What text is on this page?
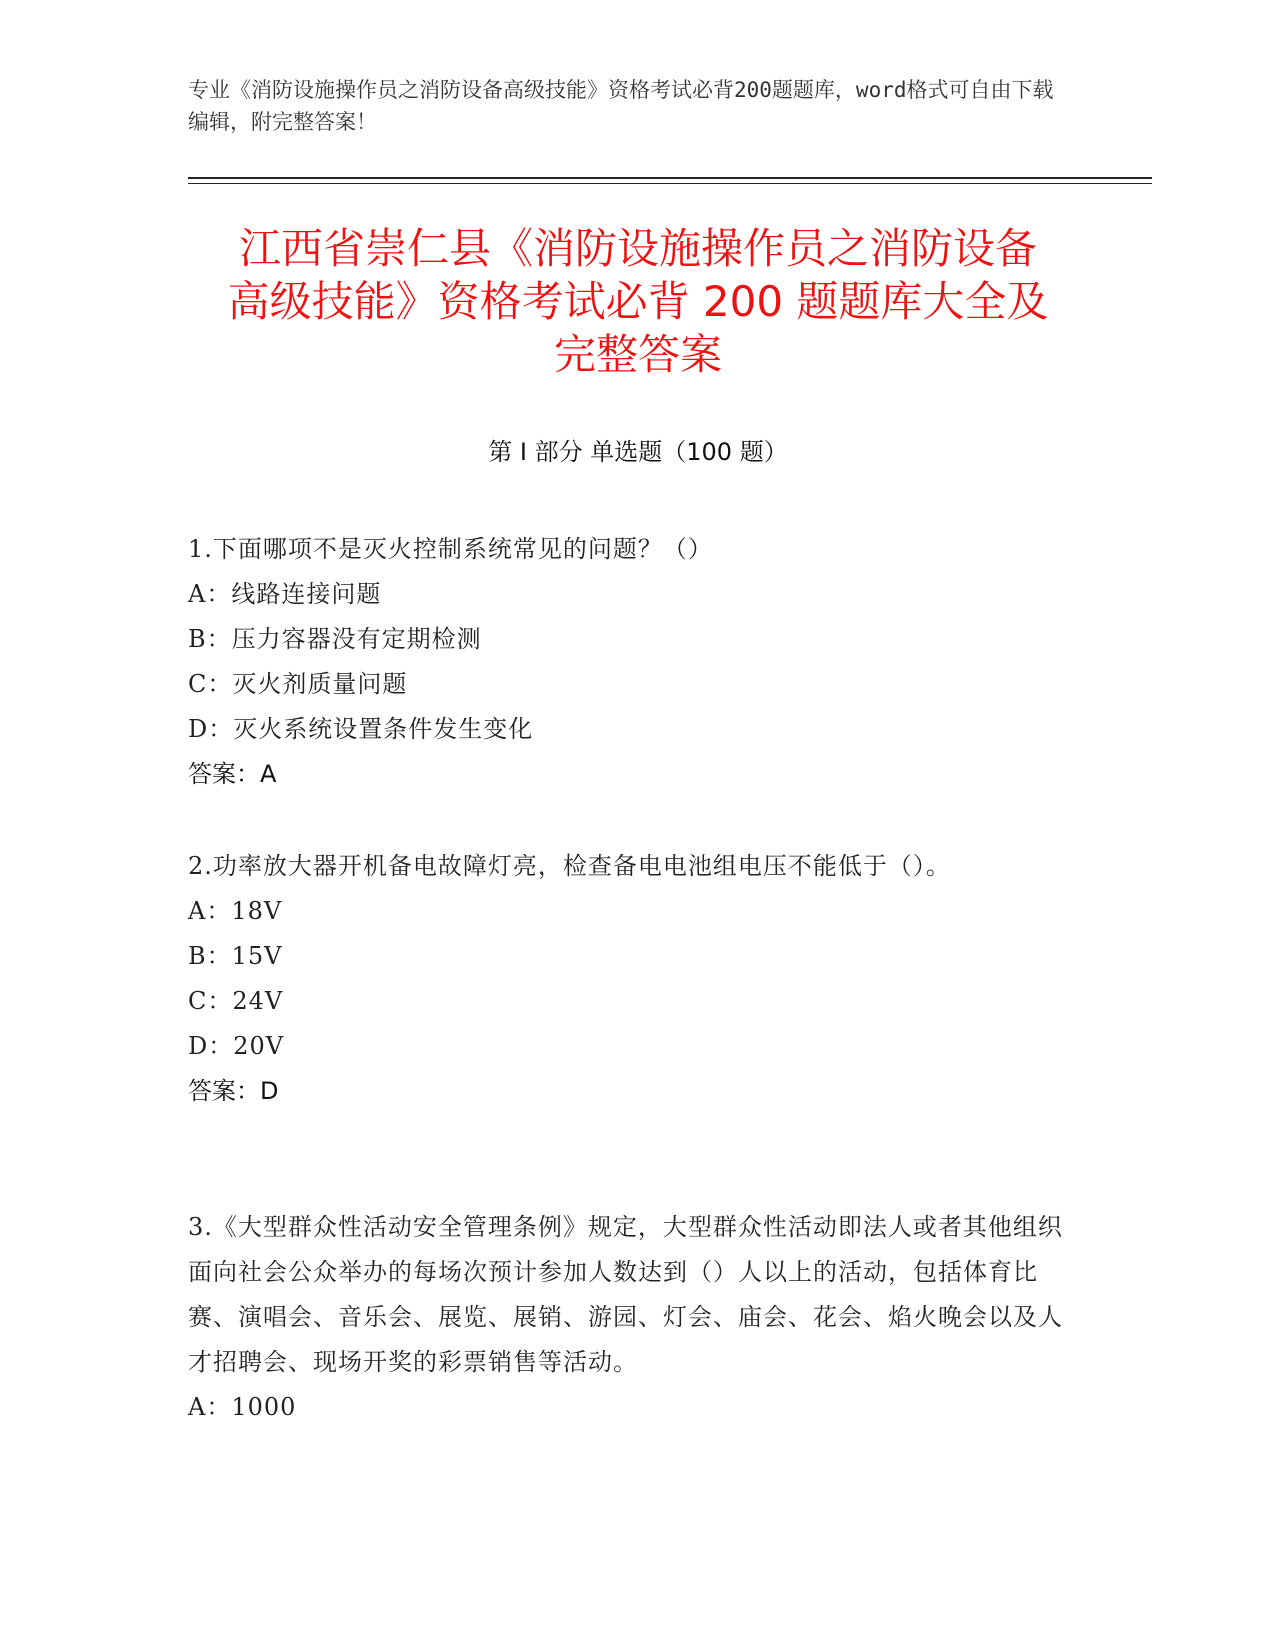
专业《消防设施操作员之消防设备高级技能》资格考试必背200题题库，word格式可自由下载编辑，附完整答案！
江西省崇仁县《消防设施操作员之消防设备
高级技能》资格考试必背 200 题题库大全及
完整答案
第 I 部分 单选题（100 题）
1.下面哪项不是灭火控制系统常见的问题？（）
A：线路连接问题
B：压力容器没有定期检测
C：灭火剂质量问题
D：灭火系统设置条件发生变化
答案：A
2.功率放大器开机备电故障灯亮，检查备电电池组电压不能低于（）。
A：18V
B：15V
C：24V
D：20V
答案：D
3.《大型群众性活动安全管理条例》规定，大型群众性活动即法人或者其他组织面向社会公众举办的每场次预计参加人数达到（）人以上的活动，包括体育比赛、演唱会、音乐会、展览、展销、游园、灯会、庙会、花会、焰火晚会以及人才招聘会、现场开奖的彩票销售等活动。
A：1000
